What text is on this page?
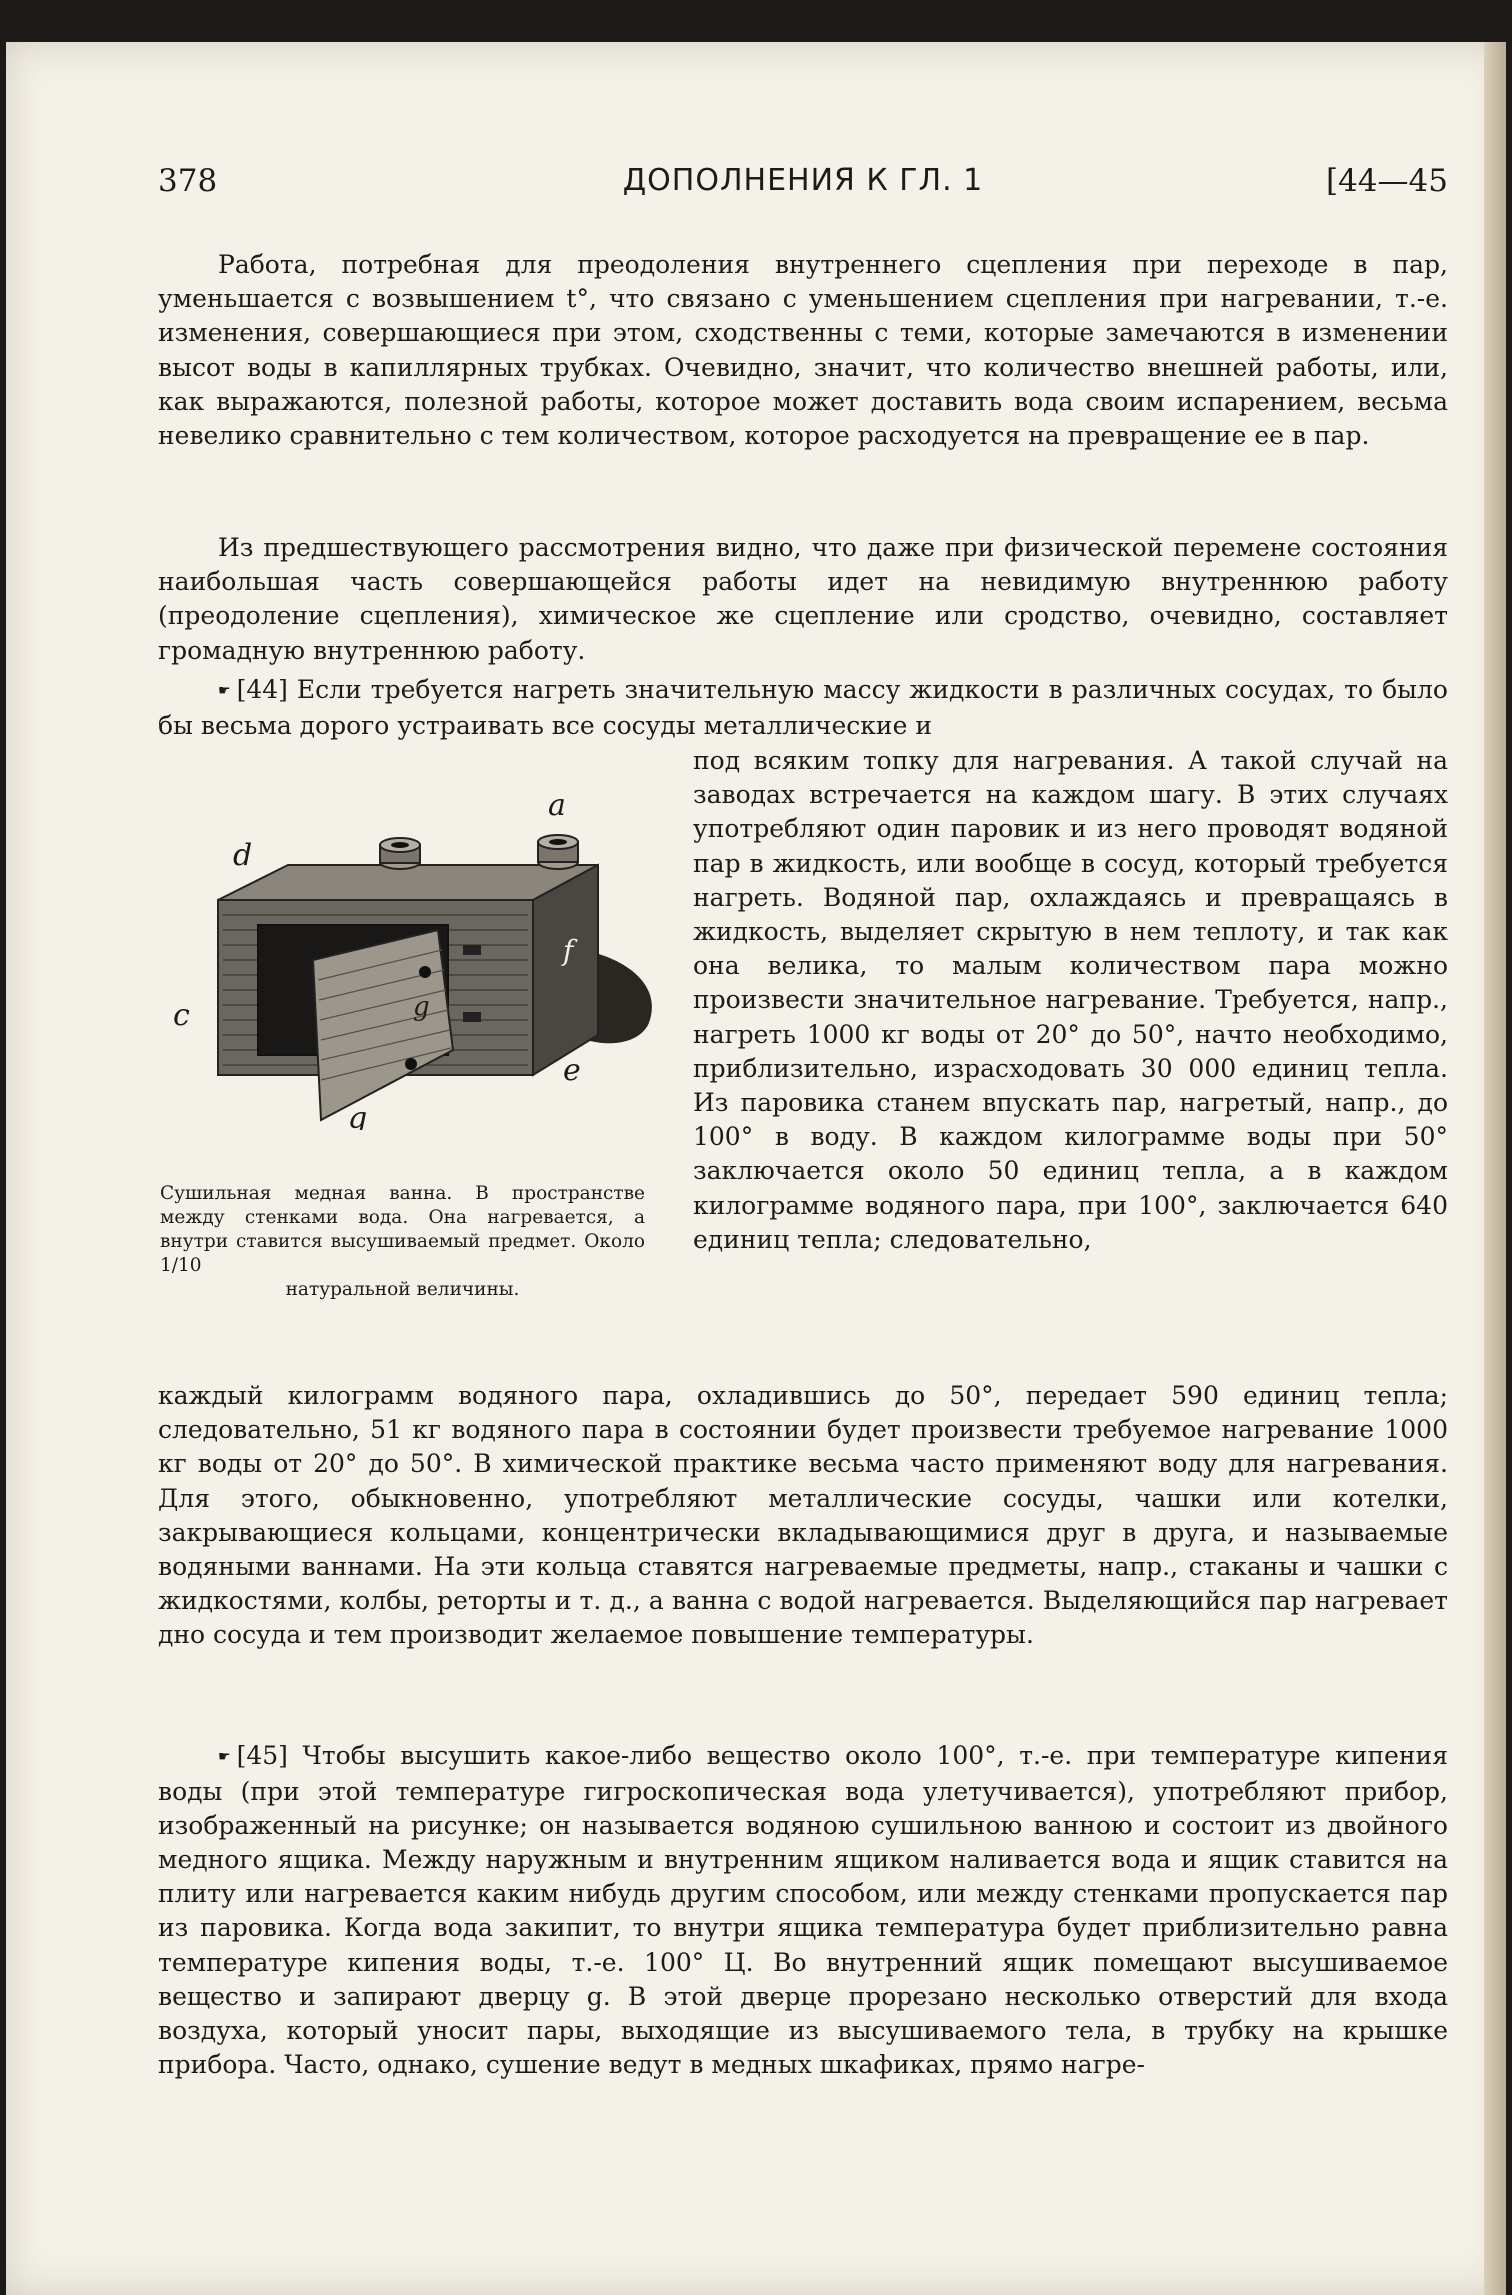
378	ДОПОЛНЕНИЯ К ГЛ. 1	[44—45

Работа, потребная для преодоления внутреннего сцепления при переходе в пар, уменьшается с возвышением t°, что связано с уменьшением сцепления при нагревании, т.-е. изменения, совершающиеся при этом, сходственны с теми, которые замечаются в изменении высот воды в капиллярных трубках. Очевидно, значит, что количество внешней работы, или, как выражаются, полезной работы, которое может доставить вода своим испарением, весьма невелико сравнительно с тем количеством, которое расходуется на превращение ее в пар.

Из предшествующего рассмотрения видно, что даже при физической перемене состояния наибольшая часть совершающейся работы идет на невидимую внутреннюю работу (преодоление сцепления), химическое же сцепление или сродство, очевидно, составляет громадную внутреннюю работу.

☛ [44] Если требуется нагреть значительную массу жидкости в различных сосудах, то было бы весьма дорого устраивать все сосуды металлические и

a
d
f
c
e
g
g

Сушильная медная ванна. В пространстве между стенками вода. Она нагревается, а внутри ставится высушиваемый предмет. Около 1/10
натуральной величины.

под всяким топку для нагревания. А такой случай на заводах встречается на каждом шагу. В этих случаях употребляют один паровик и из него проводят водяной пар в жидкость, или вообще в сосуд, который требуется нагреть. Водяной пар, охлаждаясь и превращаясь в жидкость, выделяет скрытую в нем теплоту, и так как она велика, то малым количеством пара можно произвести значительное нагревание. Требуется, напр., нагреть 1000 кг воды от 20° до 50°, начто необходимо, приблизительно, израсходовать 30 000 единиц тепла. Из паровика станем впускать пар, нагретый, напр., до 100° в воду. В каждом килограмме воды при 50° заключается около 50 единиц тепла, а в каждом килограмме водяного пара, при 100°, заключается 640 единиц тепла; следовательно,

каждый килограмм водяного пара, охладившись до 50°, передает 590 единиц тепла; следовательно, 51 кг водяного пара в состоянии будет произвести требуемое нагревание 1000 кг воды от 20° до 50°. В химической практике весьма часто применяют воду для нагревания. Для этого, обыкновенно, употребляют металлические сосуды, чашки или котелки, закрывающиеся кольцами, концентрически вкладывающимися друг в друга, и называемые водяными ваннами. На эти кольца ставятся нагреваемые предметы, напр., стаканы и чашки с жидкостями, колбы, реторты и т. д., а ванна с водой нагревается. Выделяющийся пар нагревает дно сосуда и тем производит желаемое повышение температуры.

☛ [45] Чтобы высушить какое-либо вещество около 100°, т.-е. при температуре кипения воды (при этой температуре гигроскопическая вода улетучивается), употребляют прибор, изображенный на рисунке; он называется водяною сушильною ванною и состоит из двойного медного ящика. Между наружным и внутренним ящиком наливается вода и ящик ставится на плиту или нагревается каким нибудь другим способом, или между стенками пропускается пар из паровика. Когда вода закипит, то внутри ящика температура будет приблизительно равна температуре кипения воды, т.-е. 100° Ц. Во внутренний ящик помещают высушиваемое вещество и запирают дверцу g. В этой дверце прорезано несколько отверстий для входа воздуха, который уносит пары, выходящие из высушиваемого тела, в трубку на крышке прибора. Часто, однако, сушение ведут в медных шкафиках, прямо нагре-
